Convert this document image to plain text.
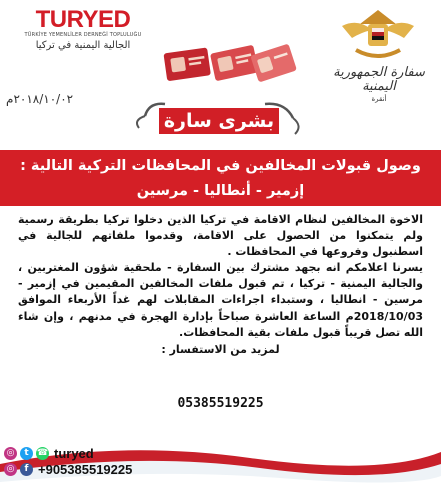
TURYED
TÜRKİYE YEMENLİLER DERNEĞİ TOPLULUĞU
الجالية اليمنية في تركيا
سفارة الجمهورية اليمنية
أنقرة
٢٠١٨/١٠/٠٢م
بشرى سارة
وصول قبولات المخالفين في المحافظات التركية التالية :
إزمير - أنطاليا - مرسين

الاخوة المخالفين لنظام الاقامة في تركيا الذين دخلوا تركيا بطريقة رسمية ولم يتمكنوا من الحصول على الاقامة، وقدموا ملفاتهم للجالية في اسطنبول وفروعها في المحافظات .

يسرنا اعلامكم انه بجهد مشترك بين السفارة - ملحقية شؤون المغتربين ، والجالية اليمنية - تركيا ، تم قبول ملفات المخالفين المقيمين في إزمير - مرسين - انطاليا ، وستبداء اجراءات المقابلات لهم غداً الأربعاء الموافق 2018/10/03م الساعة العاشرة صباحاً بإدارة الهجرة في مدنهم ، وإن شاء الله تصل قريباً قبول ملفات بقية المحافظات.

لمزيد من الاستفسار :

05385519225
◎	t ☎ turyed
◎	f +905385519225
